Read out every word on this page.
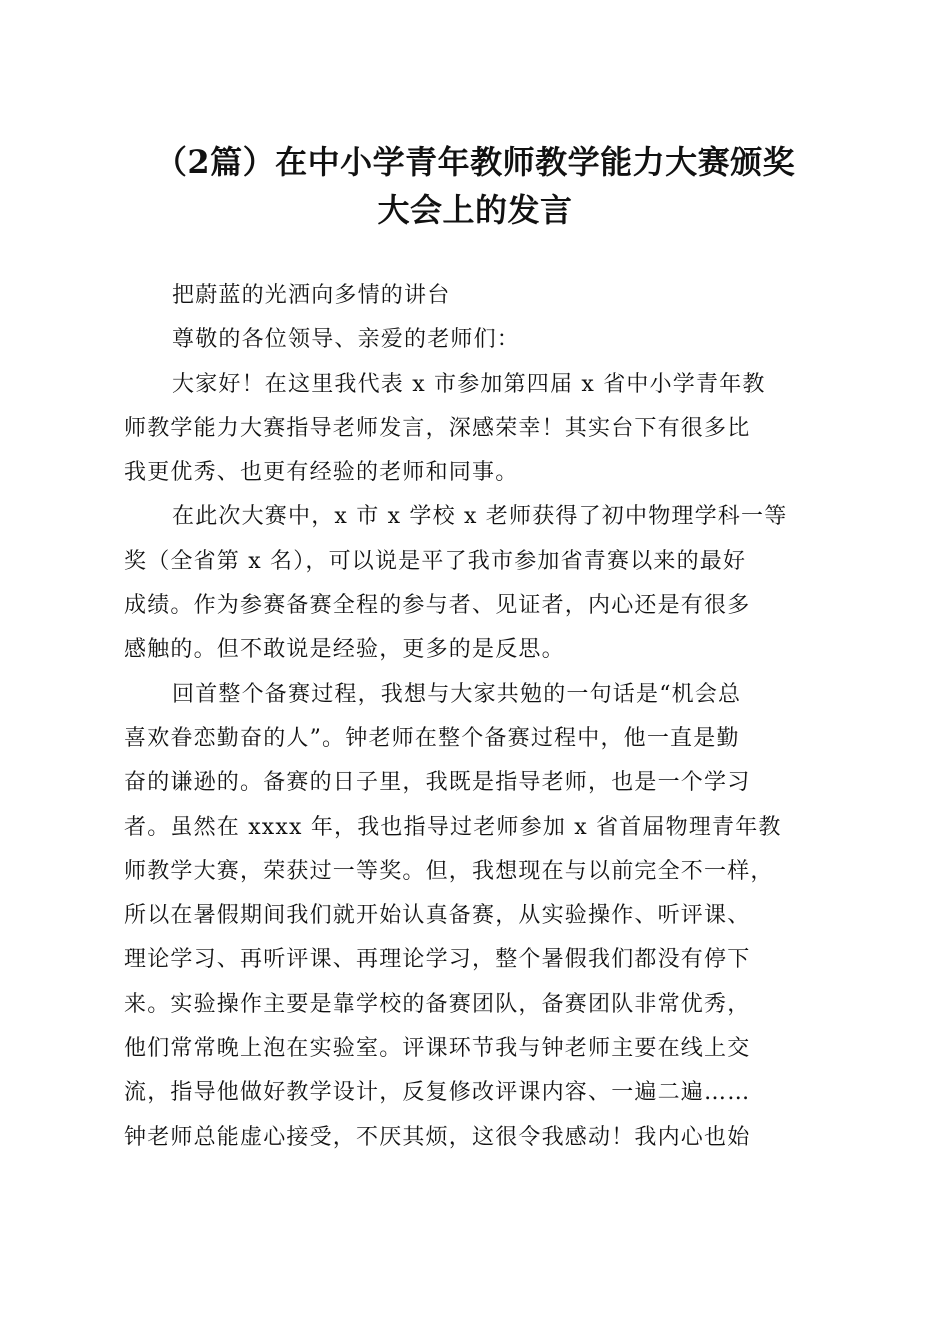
（2篇）在中小学青年教师教学能力大赛颁奖
大会上的发言
把蔚蓝的光洒向多情的讲台
尊敬的各位领导、亲爱的老师们：
大家好！在这里我代表 x 市参加第四届 x 省中小学青年教
师教学能力大赛指导老师发言，深感荣幸！其实台下有很多比
我更优秀、也更有经验的老师和同事。
在此次大赛中，x 市 x 学校 x 老师获得了初中物理学科一等
奖（全省第 x 名），可以说是平了我市参加省青赛以来的最好
成绩。作为参赛备赛全程的参与者、见证者，内心还是有很多
感触的。但不敢说是经验，更多的是反思。
回首整个备赛过程，我想与大家共勉的一句话是“机会总
喜欢眷恋勤奋的人”。钟老师在整个备赛过程中，他一直是勤
奋的谦逊的。备赛的日子里，我既是指导老师，也是一个学习
者。虽然在 xxxx 年，我也指导过老师参加 x 省首届物理青年教
师教学大赛，荣获过一等奖。但，我想现在与以前完全不一样，
所以在暑假期间我们就开始认真备赛，从实验操作、听评课、
理论学习、再听评课、再理论学习，整个暑假我们都没有停下
来。实验操作主要是靠学校的备赛团队，备赛团队非常优秀，
他们常常晚上泡在实验室。评课环节我与钟老师主要在线上交
流，指导他做好教学设计，反复修改评课内容、一遍二遍……
钟老师总能虚心接受，不厌其烦，这很令我感动！我内心也始
